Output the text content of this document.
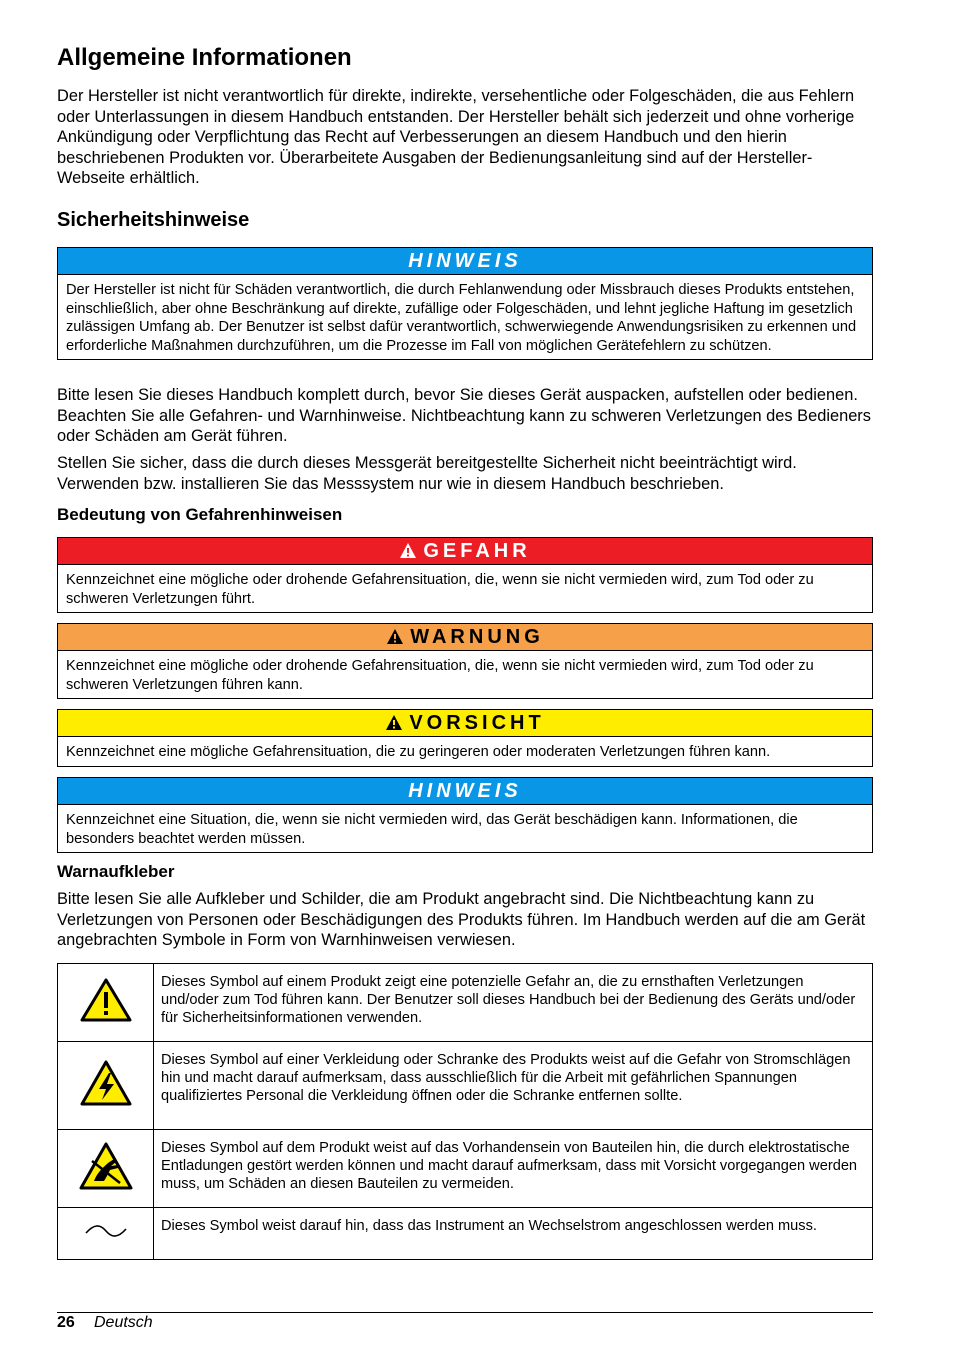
Allgemeine Informationen

Der Hersteller ist nicht verantwortlich für direkte, indirekte, versehentliche oder Folgeschäden, die aus Fehlern oder Unterlassungen in diesem Handbuch entstanden. Der Hersteller behält sich jederzeit und ohne vorherige Ankündigung oder Verpflichtung das Recht auf Verbesserungen an diesem Handbuch und den hierin beschriebenen Produkten vor. Überarbeitete Ausgaben der Bedienungsanleitung sind auf der Hersteller-Webseite erhältlich.

Sicherheitshinweise
HINWEIS
Der Hersteller ist nicht für Schäden verantwortlich, die durch Fehlanwendung oder Missbrauch dieses Produkts entstehen, einschließlich, aber ohne Beschränkung auf direkte, zufällige oder Folgeschäden, und lehnt jegliche Haftung im gesetzlich zulässigen Umfang ab. Der Benutzer ist selbst dafür verantwortlich, schwerwiegende Anwendungsrisiken zu erkennen und erforderliche Maßnahmen durchzuführen, um die Prozesse im Fall von möglichen Gerätefehlern zu schützen.

Bitte lesen Sie dieses Handbuch komplett durch, bevor Sie dieses Gerät auspacken, aufstellen oder bedienen. Beachten Sie alle Gefahren- und Warnhinweise. Nichtbeachtung kann zu schweren Verletzungen des Bedieners oder Schäden am Gerät führen.

Stellen Sie sicher, dass die durch dieses Messgerät bereitgestellte Sicherheit nicht beeinträchtigt wird. Verwenden bzw. installieren Sie das Messsystem nur wie in diesem Handbuch beschrieben.

Bedeutung von Gefahrenhinweisen
GEFAHR
Kennzeichnet eine mögliche oder drohende Gefahrensituation, die, wenn sie nicht vermieden wird, zum Tod oder zu schweren Verletzungen führt.
WARNUNG
Kennzeichnet eine mögliche oder drohende Gefahrensituation, die, wenn sie nicht vermieden wird, zum Tod oder zu schweren Verletzungen führen kann.
VORSICHT
Kennzeichnet eine mögliche Gefahrensituation, die zu geringeren oder moderaten Verletzungen führen kann.
HINWEIS
Kennzeichnet eine Situation, die, wenn sie nicht vermieden wird, das Gerät beschädigen kann. Informationen, die besonders beachtet werden müssen.
Warnaufkleber

Bitte lesen Sie alle Aufkleber und Schilder, die am Produkt angebracht sind. Die Nichtbeachtung kann zu Verletzungen von Personen oder Beschädigungen des Produkts führen. Im Handbuch werden auf die am Gerät angebrachten Symbole in Form von Warnhinweisen verwiesen.

	Dieses Symbol auf einem Produkt zeigt eine potenzielle Gefahr an, die zu ernsthaften Verletzungen und/oder zum Tod führen kann. Der Benutzer soll dieses Handbuch bei der Bedienung des Geräts und/oder für Sicherheitsinformationen verwenden.
	Dieses Symbol auf einer Verkleidung oder Schranke des Produkts weist auf die Gefahr von Stromschlägen hin und macht darauf aufmerksam, dass ausschließlich für die Arbeit mit gefährlichen Spannungen qualifiziertes Personal die Verkleidung öffnen oder die Schranke entfernen sollte.
	Dieses Symbol auf dem Produkt weist auf das Vorhandensein von Bauteilen hin, die durch elektrostatische Entladungen gestört werden können und macht darauf aufmerksam, dass mit Vorsicht vorgegangen werden muss, um Schäden an diesen Bauteilen zu vermeiden.
	Dieses Symbol weist darauf hin, dass das Instrument an Wechselstrom angeschlossen werden muss.
26 Deutsch
